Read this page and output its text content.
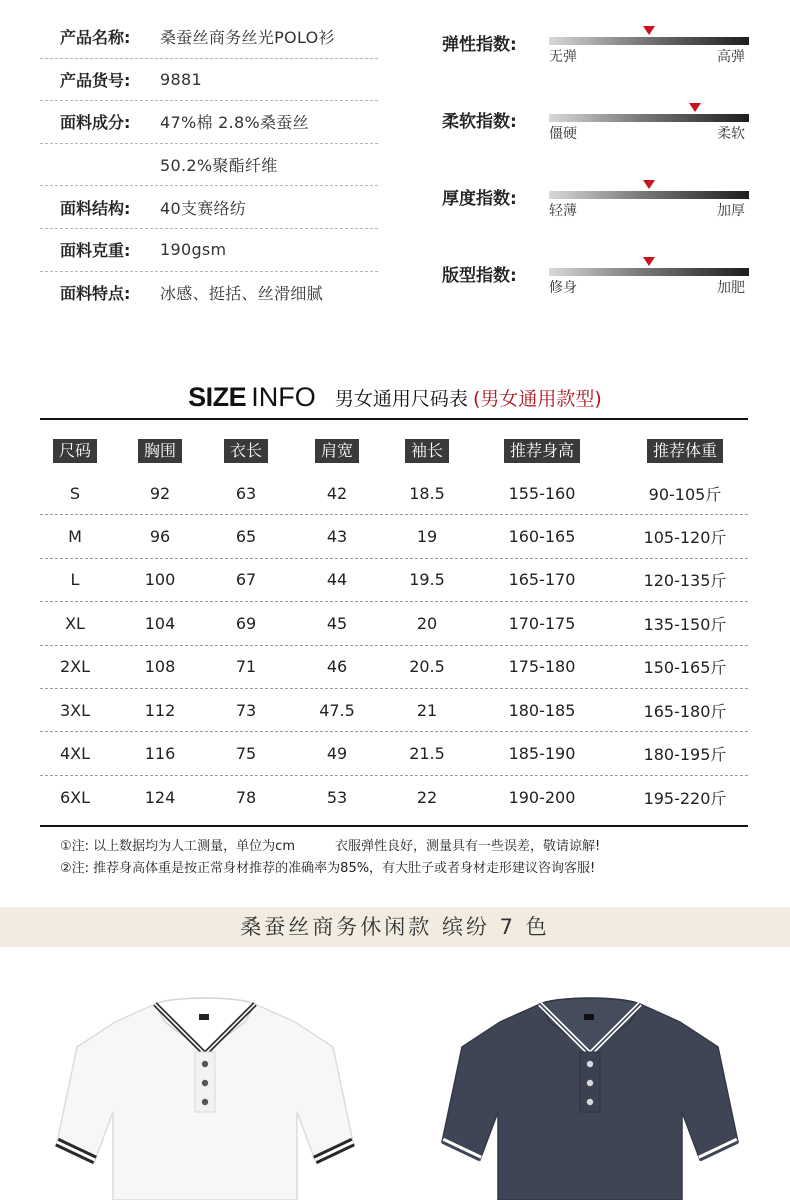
产品名称:	桑蚕丝商务丝光POLO衫
产品货号:	9881
面料成分:	47%棉 2.8%桑蚕丝
50.2%聚酯纤维
面料结构:	40支赛络纺
面料克重:	190gsm
面料特点:	冰感、挺括、丝滑细腻
弹性指数:
无弹	高弹
柔软指数:
僵硬	柔软
厚度指数:
轻薄	加厚
版型指数:
修身	加肥
SIZE INFO 男女通用尺码表 (男女通用款型)
尺码	胸围	衣长	肩宽	袖长	推荐身高	推荐体重
S	92	63	42	18.5	155-160	90-105斤
M	96	65	43	19	160-165	105-120斤
L	100	67	44	19.5	165-170	120-135斤
XL	104	69	45	20	170-175	135-150斤
2XL	108	71	46	20.5	175-180	150-165斤
3XL	112	73	47.5	21	180-185	165-180斤
4XL	116	75	49	21.5	185-190	180-195斤
6XL	124	78	53	22	190-200	195-220斤
①注: 以上数据均为人工测量，单位为cm	衣服弹性良好，测量具有一些误差，敬请谅解!
②注: 推荐身高体重是按正常身材推荐的准确率为85%，有大肚子或者身材走形建议咨询客服!
桑蚕丝商务休闲款 缤纷 7 色
